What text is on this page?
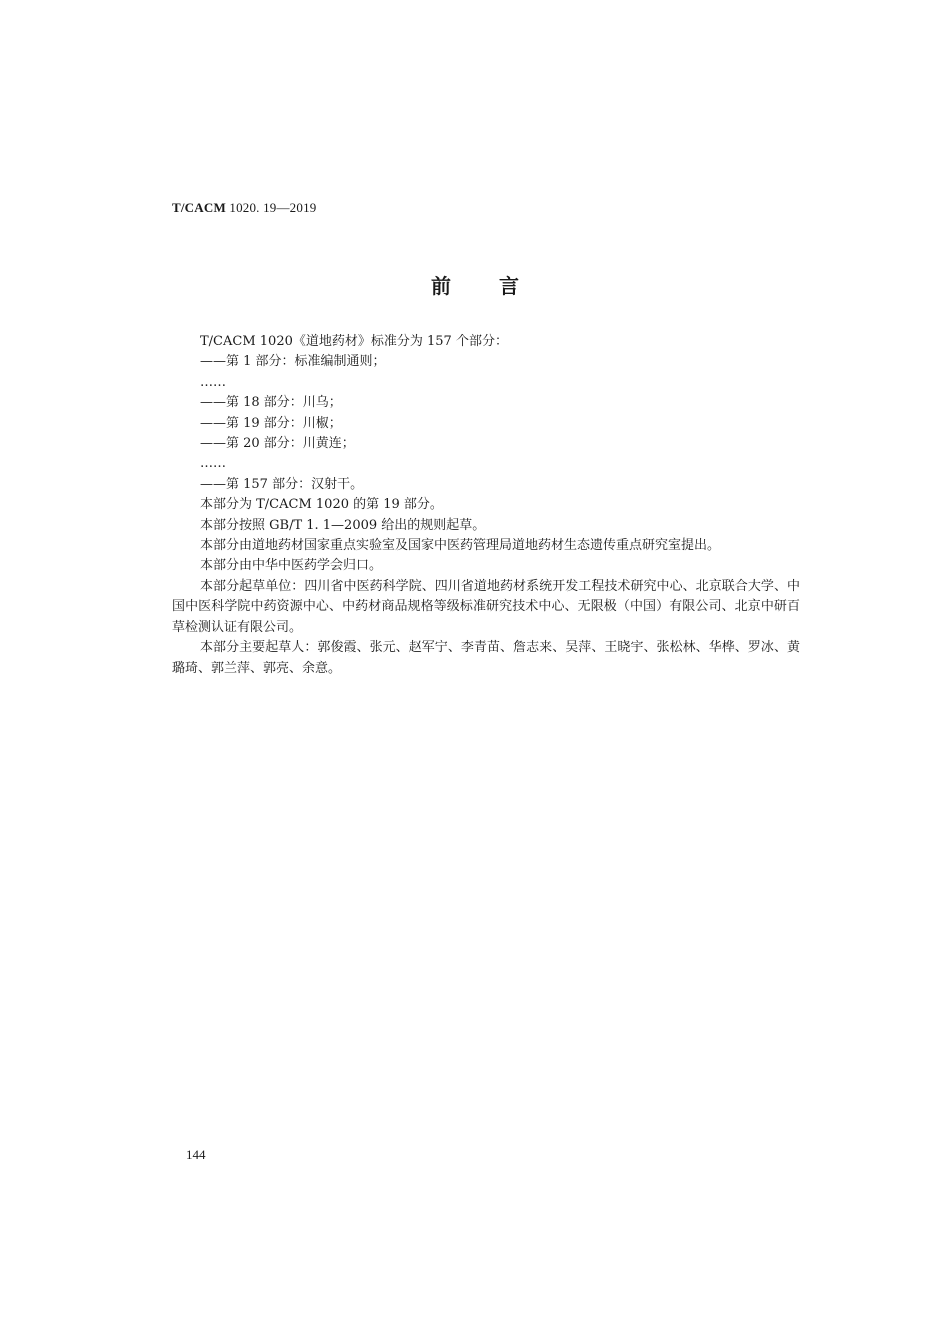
T/CACM 1020. 19—2019
前言
T/CACM 1020《道地药材》标准分为 157 个部分：
——第 1 部分：标准编制通则；
……
——第 18 部分：川乌；
——第 19 部分：川椒；
——第 20 部分：川黄连；
……
——第 157 部分：汉射干。
本部分为 T/CACM 1020 的第 19 部分。
本部分按照 GB/T 1. 1—2009 给出的规则起草。
本部分由道地药材国家重点实验室及国家中医药管理局道地药材生态遗传重点研究室提出。
本部分由中华中医药学会归口。
本部分起草单位：四川省中医药科学院、四川省道地药材系统开发工程技术研究中心、北京联合大学、中国中医科学院中药资源中心、中药材商品规格等级标准研究技术中心、无限极（中国）有限公司、北京中研百草检测认证有限公司。
本部分主要起草人：郭俊霞、张元、赵军宁、李青苗、詹志来、吴萍、王晓宇、张松林、华桦、罗冰、黄璐琦、郭兰萍、郭亮、余意。
144
